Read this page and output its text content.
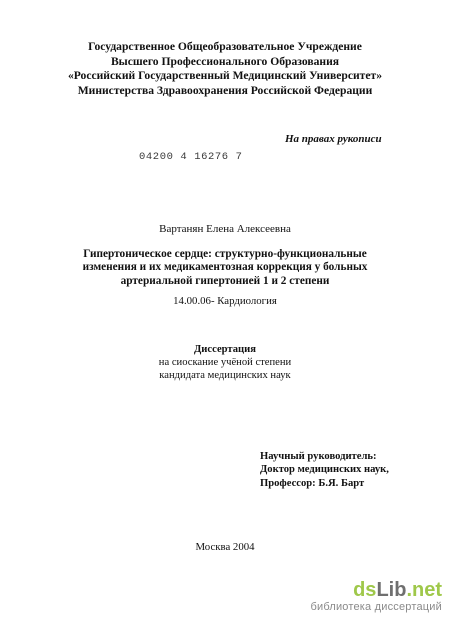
Государственное Общеобразовательное Учреждение
Высшего Профессионального Образования
«Российский Государственный Медицинский Университет»
Министерства Здравоохранения Российской Федерации
На правах рукописи
04200 4 16276 7
Вартанян Елена Алексеевна
Гипертоническое сердце: структурно-функциональные
изменения и их медикаментозная коррекция у больных
артериальной гипертонией 1 и 2 степени
14.00.06- Кардиология
Диссертация
на сиоскание учёной степени
кандидата медицинских наук
Научный руководитель:
Доктор медицинских наук,
Профессор: Б.Я. Барт
Москва 2004
dsLib.net
библиотека диссертаций
